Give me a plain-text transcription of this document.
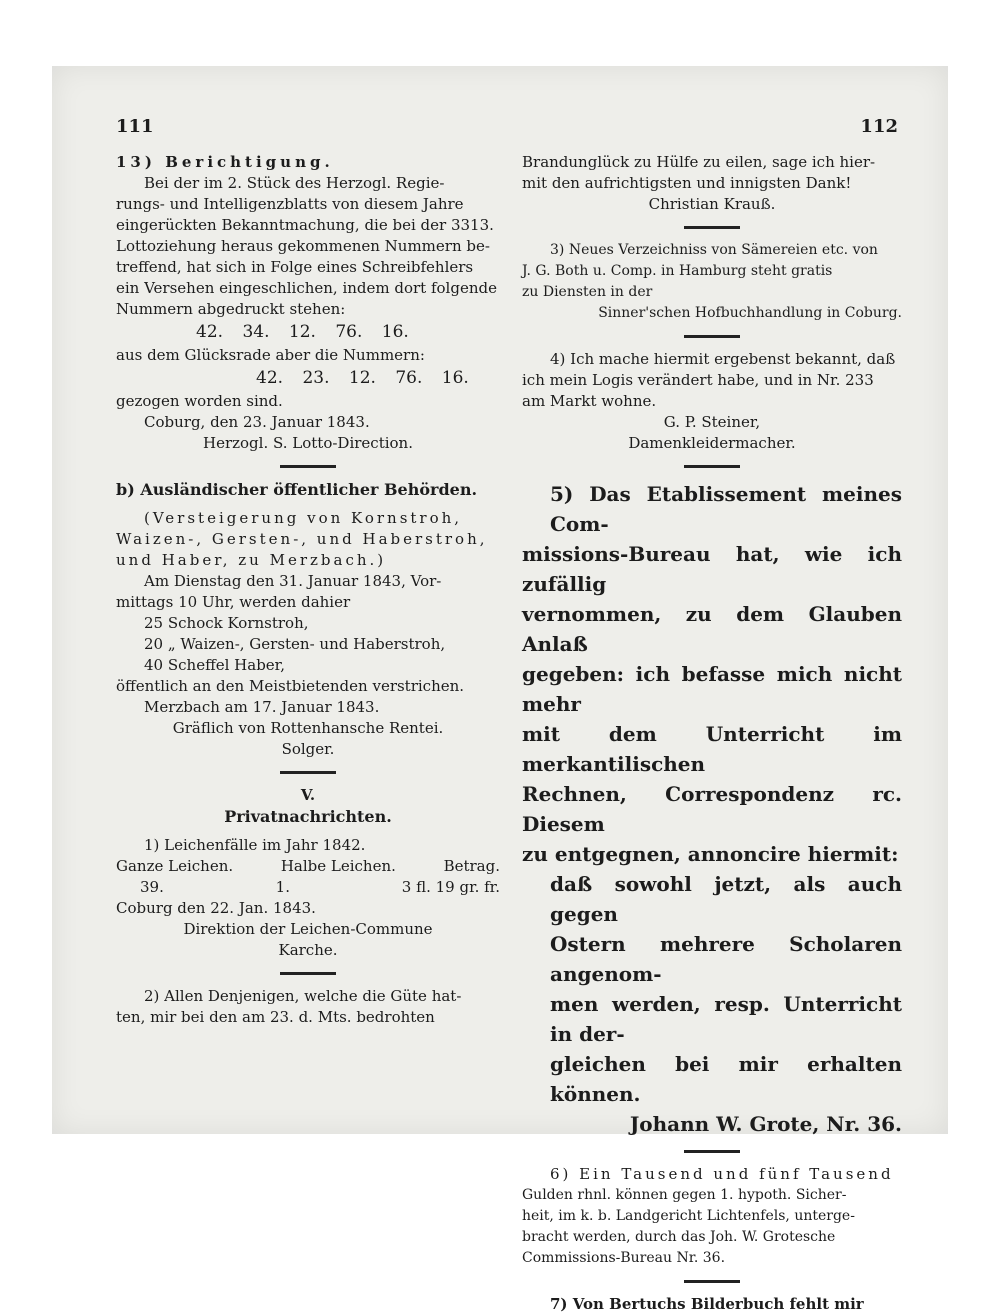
111	112

13) Berichtigung.

Bei der im 2. Stück des Herzogl. Regie-

rungs- und Intelligenzblatts von diesem Jahre

eingerückten Bekanntmachung, die bei der 3313.

Lottoziehung heraus gekommenen Nummern be-

treffend, hat sich in Folge eines Schreibfehlers

ein Versehen eingeschlichen, indem dort folgende

Nummern abgedruckt stehen:

42. 34. 12. 76. 16.

aus dem Glücksrade aber die Nummern:

42. 23. 12. 76. 16.

gezogen worden sind.

Coburg, den 23. Januar 1843.

Herzogl. S. Lotto-Direction.

b) Ausländischer öffentlicher Behörden.

(Versteigerung von Kornstroh,

Waizen-, Gersten-, und Haberstroh,

und Haber, zu Merzbach.)

Am Dienstag den 31. Januar 1843, Vor-

mittags 10 Uhr, werden dahier

25 Schock Kornstroh,

20 „ Waizen-, Gersten- und Haberstroh,

40 Scheffel Haber,

öffentlich an den Meistbietenden verstrichen.

Merzbach am 17. Januar 1843.

Gräflich von Rottenhansche Rentei.

Solger.

V.

Privatnachrichten.

1) Leichenfälle im Jahr 1842.

Ganze Leichen.	Halbe Leichen.	Betrag.
39.	1.	3 fl. 19 gr. fr.

Coburg den 22. Jan. 1843.

Direktion der Leichen-Commune

Karche.

2) Allen Denjenigen, welche die Güte hat-

ten, mir bei den am 23. d. Mts. bedrohten

Brandunglück zu Hülfe zu eilen, sage ich hier-

mit den aufrichtigsten und innigsten Dank!

Christian Krauß.

3) Neues Verzeichniss von Sämereien etc. von

J. G. Both u. Comp. in Hamburg steht gratis

zu Diensten in der

Sinner'schen Hofbuchhandlung in Coburg.

4) Ich mache hiermit ergebenst bekannt, daß

ich mein Logis verändert habe, und in Nr. 233

am Markt wohne.

G. P. Steiner,

Damenkleidermacher.

5) Das Etablissement meines Com-

missions-Bureau hat, wie ich zufällig

vernommen, zu dem Glauben Anlaß

gegeben: ich befasse mich nicht mehr

mit dem Unterricht im merkantilischen

Rechnen, Correspondenz rc. Diesem

zu entgegnen, annoncire hiermit:

daß sowohl jetzt, als auch gegen

Ostern mehrere Scholaren angenom-

men werden, resp. Unterricht in der-

gleichen bei mir erhalten können.

Johann W. Grote, Nr. 36.

6) Ein Tausend und fünf Tausend

Gulden rhnl. können gegen 1. hypoth. Sicher-

heit, im k. b. Landgericht Lichtenfels, unterge-

bracht werden, durch das Joh. W. Grotesche

Commissions-Bureau Nr. 36.

7) Von Bertuchs Bilderbuch fehlt mir
